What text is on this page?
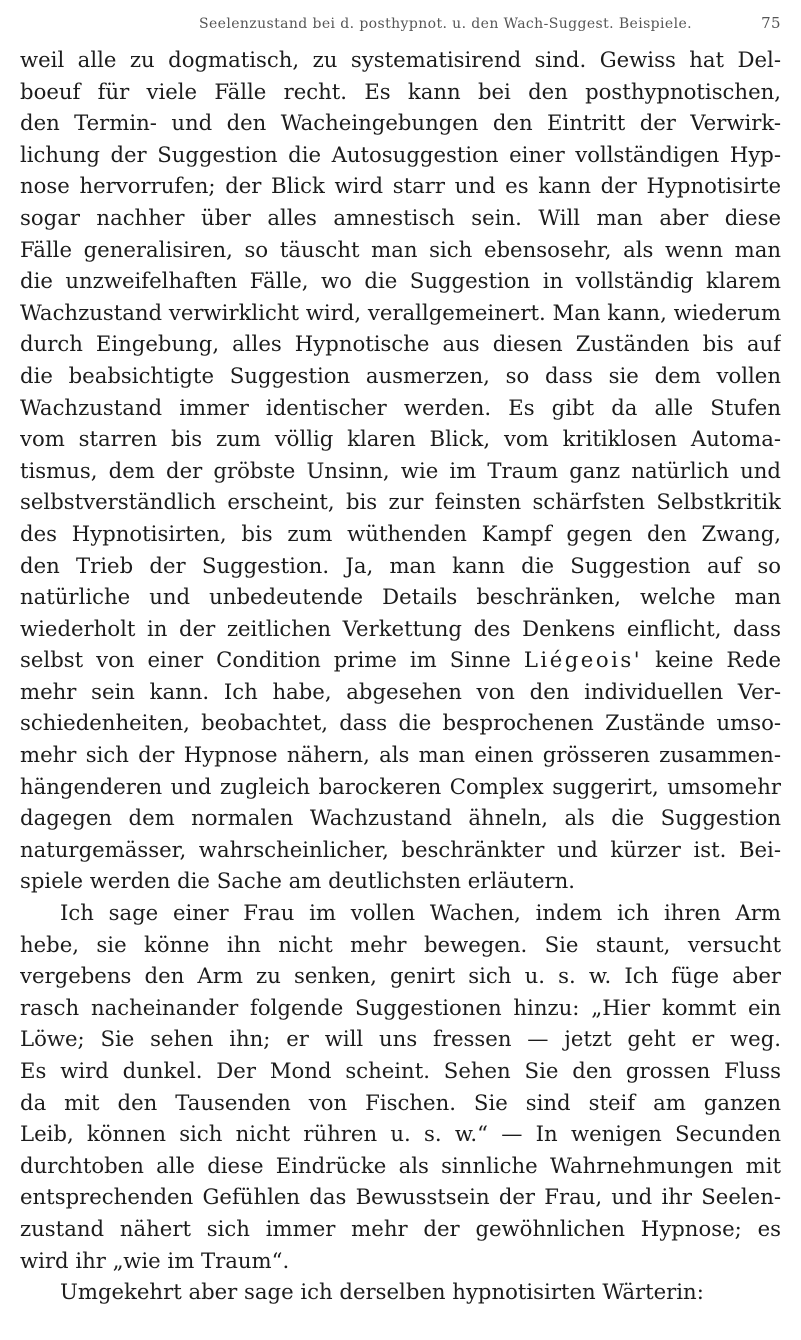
Seelenzustand bei d. posthypnot. u. den Wach-Suggest. Beispiele.	75
weil alle zu dogmatisch, zu systematisirend sind. Gewiss hat Del-
boeuf für viele Fälle recht. Es kann bei den posthypnotischen,
den Termin- und den Wacheingebungen den Eintritt der Verwirk-
lichung der Suggestion die Autosuggestion einer vollständigen Hyp-
nose hervorrufen; der Blick wird starr und es kann der Hypnotisirte
sogar nachher über alles amnestisch sein. Will man aber diese
Fälle generalisiren, so täuscht man sich ebensosehr, als wenn man
die unzweifelhaften Fälle, wo die Suggestion in vollständig klarem
Wachzustand verwirklicht wird, verallgemeinert. Man kann, wiederum
durch Eingebung, alles Hypnotische aus diesen Zuständen bis auf
die beabsichtigte Suggestion ausmerzen, so dass sie dem vollen
Wachzustand immer identischer werden. Es gibt da alle Stufen
vom starren bis zum völlig klaren Blick, vom kritiklosen Automa-
tismus, dem der gröbste Unsinn, wie im Traum ganz natürlich und
selbstverständlich erscheint, bis zur feinsten schärfsten Selbstkritik
des Hypnotisirten, bis zum wüthenden Kampf gegen den Zwang,
den Trieb der Suggestion. Ja, man kann die Suggestion auf so
natürliche und unbedeutende Details beschränken, welche man
wiederholt in der zeitlichen Verkettung des Denkens einflicht, dass
selbst von einer Condition prime im Sinne Liégeois' keine Rede
mehr sein kann. Ich habe, abgesehen von den individuellen Ver-
schiedenheiten, beobachtet, dass die besprochenen Zustände umso-
mehr sich der Hypnose nähern, als man einen grösseren zusammen-
hängenderen und zugleich barockeren Complex suggerirt, umsomehr
dagegen dem normalen Wachzustand ähneln, als die Suggestion
naturgemässer, wahrscheinlicher, beschränkter und kürzer ist. Bei-
spiele werden die Sache am deutlichsten erläutern.
Ich sage einer Frau im vollen Wachen, indem ich ihren Arm
hebe, sie könne ihn nicht mehr bewegen. Sie staunt, versucht
vergebens den Arm zu senken, genirt sich u. s. w. Ich füge aber
rasch nacheinander folgende Suggestionen hinzu: „Hier kommt ein
Löwe; Sie sehen ihn; er will uns fressen — jetzt geht er weg.
Es wird dunkel. Der Mond scheint. Sehen Sie den grossen Fluss
da mit den Tausenden von Fischen. Sie sind steif am ganzen
Leib, können sich nicht rühren u. s. w.“ — In wenigen Secunden
durchtoben alle diese Eindrücke als sinnliche Wahrnehmungen mit
entsprechenden Gefühlen das Bewusstsein der Frau, und ihr Seelen-
zustand nähert sich immer mehr der gewöhnlichen Hypnose; es
wird ihr „wie im Traum“.
Umgekehrt aber sage ich derselben hypnotisirten Wärterin:
